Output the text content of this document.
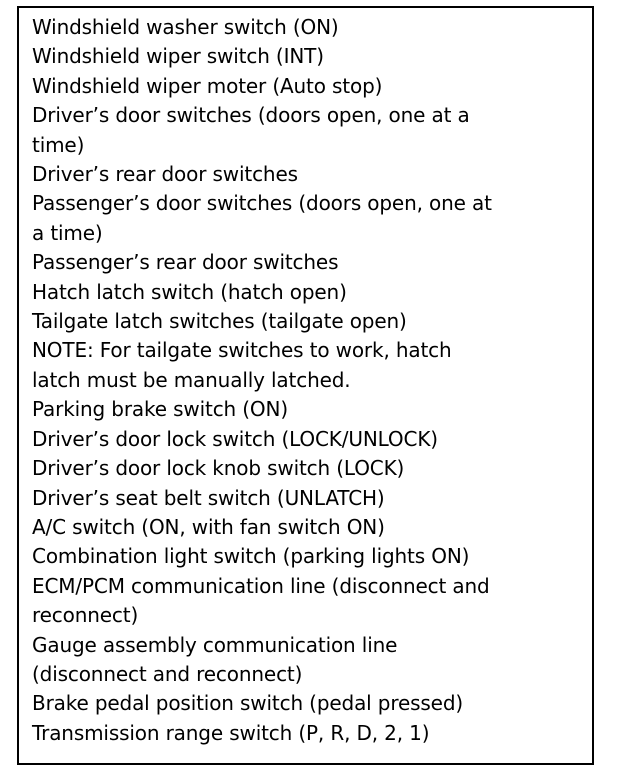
Windshield washer switch (ON)
Windshield wiper switch (INT)
Windshield wiper moter (Auto stop)
Driver’s door switches (doors open, one at a
time)
Driver’s rear door switches
Passenger’s door switches (doors open, one at
a time)
Passenger’s rear door switches
Hatch latch switch (hatch open)
Tailgate latch switches (tailgate open)
NOTE: For tailgate switches to work, hatch
latch must be manually latched.
Parking brake switch (ON)
Driver’s door lock switch (LOCK/UNLOCK)
Driver’s door lock knob switch (LOCK)
Driver’s seat belt switch (UNLATCH)
A/C switch (ON, with fan switch ON)
Combination light switch (parking lights ON)
ECM/PCM communication line (disconnect and
reconnect)
Gauge assembly communication line
(disconnect and reconnect)
Brake pedal position switch (pedal pressed)
Transmission range switch (P, R, D, 2, 1)
